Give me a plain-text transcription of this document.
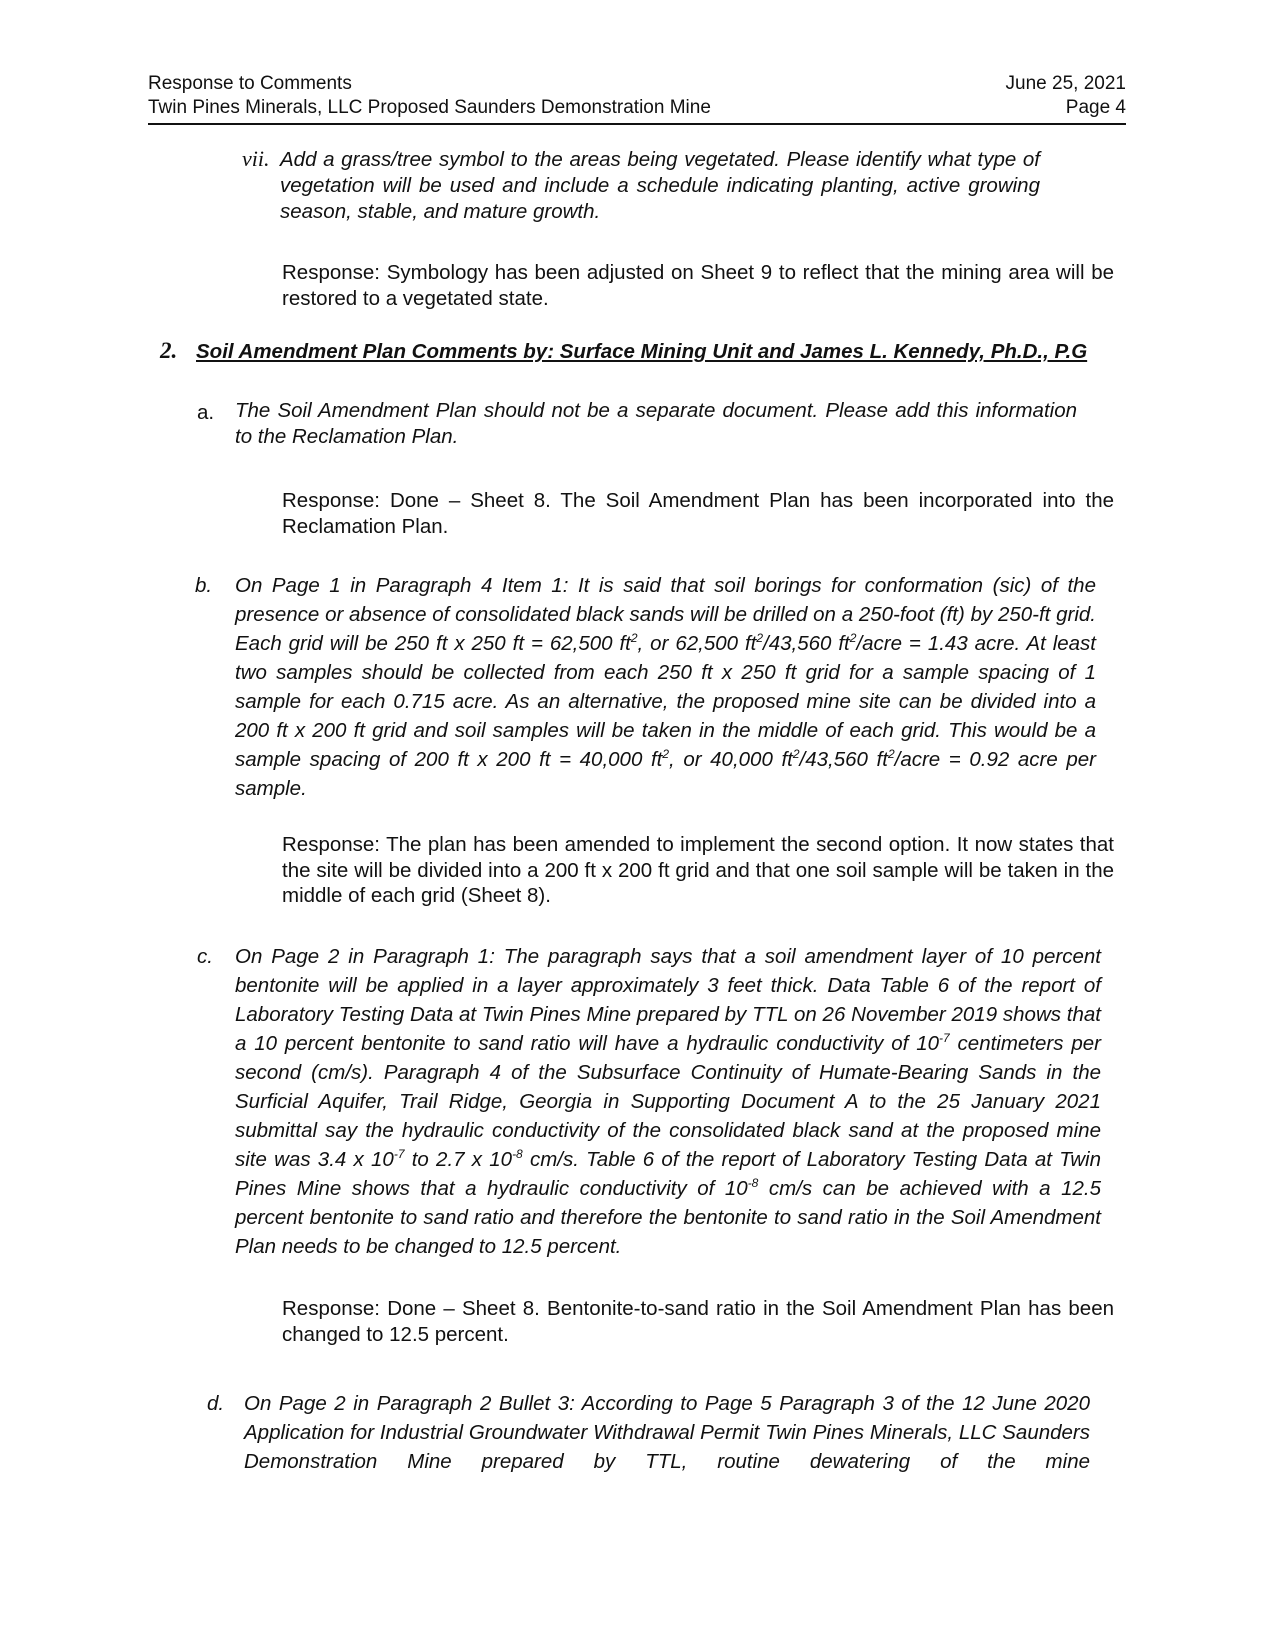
Response to Comments	June 25, 2021
Twin Pines Minerals, LLC Proposed Saunders Demonstration Mine	Page 4
vii. Add a grass/tree symbol to the areas being vegetated. Please identify what type of vegetation will be used and include a schedule indicating planting, active growing season, stable, and mature growth.
Response: Symbology has been adjusted on Sheet 9 to reflect that the mining area will be restored to a vegetated state.
2. Soil Amendment Plan Comments by: Surface Mining Unit and James L. Kennedy, Ph.D., P.G
a. The Soil Amendment Plan should not be a separate document. Please add this information to the Reclamation Plan.
Response: Done – Sheet 8. The Soil Amendment Plan has been incorporated into the Reclamation Plan.
b. On Page 1 in Paragraph 4 Item 1: It is said that soil borings for conformation (sic) of the presence or absence of consolidated black sands will be drilled on a 250-foot (ft) by 250-ft grid. Each grid will be 250 ft x 250 ft = 62,500 $ft^2$, or 62,500 $ft^2/43,560$ $ft^2$/acre = 1.43 acre. At least two samples should be collected from each 250 ft x 250 ft grid for a sample spacing of 1 sample for each 0.715 acre. As an alternative, the proposed mine site can be divided into a 200 ft x 200 ft grid and soil samples will be taken in the middle of each grid. This would be a sample spacing of 200 ft x 200 ft = 40,000 $ft^2$, or 40,000 $ft^2/43,560$ $ft^2$/acre = 0.92 acre per sample.
Response: The plan has been amended to implement the second option. It now states that the site will be divided into a 200 ft x 200 ft grid and that one soil sample will be taken in the middle of each grid (Sheet 8).
c. On Page 2 in Paragraph 1: The paragraph says that a soil amendment layer of 10 percent bentonite will be applied in a layer approximately 3 feet thick. Data Table 6 of the report of Laboratory Testing Data at Twin Pines Mine prepared by TTL on 26 November 2019 shows that a 10 percent bentonite to sand ratio will have a hydraulic conductivity of $10^{-7}$ centimeters per second (cm/s). Paragraph 4 of the Subsurface Continuity of Humate-Bearing Sands in the Surficial Aquifer, Trail Ridge, Georgia in Supporting Document A to the 25 January 2021 submittal say the hydraulic conductivity of the consolidated black sand at the proposed mine site was 3.4 x $10^{-7}$ to 2.7 x $10^{-8}$ cm/s. Table 6 of the report of Laboratory Testing Data at Twin Pines Mine shows that a hydraulic conductivity of $10^{-8}$ cm/s can be achieved with a 12.5 percent bentonite to sand ratio and therefore the bentonite to sand ratio in the Soil Amendment Plan needs to be changed to 12.5 percent.
Response: Done – Sheet 8. Bentonite-to-sand ratio in the Soil Amendment Plan has been changed to 12.5 percent.
d. On Page 2 in Paragraph 2 Bullet 3: According to Page 5 Paragraph 3 of the 12 June 2020 Application for Industrial Groundwater Withdrawal Permit Twin Pines Minerals, LLC Saunders Demonstration Mine prepared by TTL, routine dewatering of the mine
